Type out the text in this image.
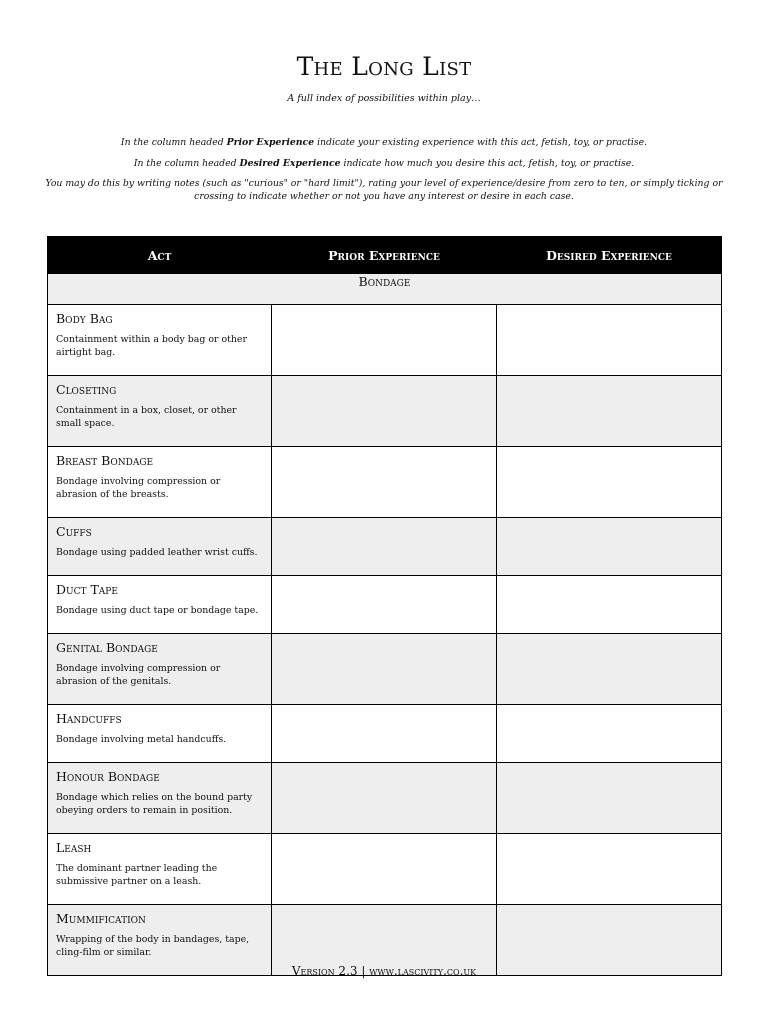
The Long List
A full index of possibilities within play…

In the column headed Prior Experience indicate your existing experience with this act, fetish, toy, or practise.

In the column headed Desired Experience indicate how much you desire this act, fetish, toy, or practise.

You may do this by writing notes (such as "curious" or "hard limit"), rating your level of experience/desire from zero to ten, or simply ticking or crossing to indicate whether or not you have any interest or desire in each case.

Act	Prior Experience	Desired Experience
Bondage		

Body Bag
Containment within a body bag or other airtight bag.		

Closeting
Containment in a box, closet, or other small space.		

Breast Bondage
Bondage involving compression or abrasion of the breasts.		

Cuffs
Bondage using padded leather wrist cuffs.		

Duct Tape
Bondage using duct tape or bondage tape.		

Genital Bondage
Bondage involving compression or abrasion of the genitals.		

Handcuffs
Bondage involving metal handcuffs.		

Honour Bondage
Bondage which relies on the bound party obeying orders to remain in position.		

Leash
The dominant partner leading the submissive partner on a leash.		

Mummification
Wrapping of the body in bandages, tape, cling-film or similar.		

Version 2.3 | www.lascivity.co.uk
